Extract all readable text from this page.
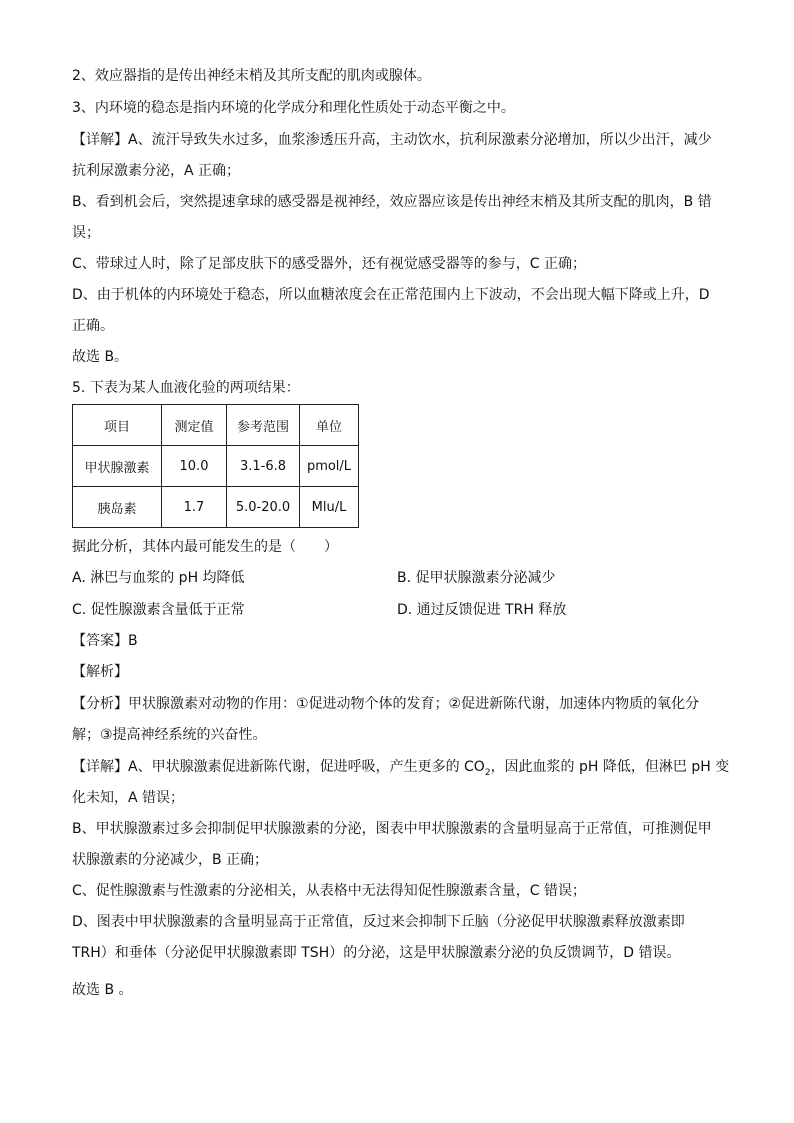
2、效应器指的是传出神经末梢及其所支配的肌肉或腺体。
3、内环境的稳态是指内环境的化学成分和理化性质处于动态平衡之中。
【详解】A、流汗导致失水过多，血浆渗透压升高，主动饮水，抗利尿激素分泌增加，所以少出汗，减少
抗利尿激素分泌，A 正确；
B、看到机会后，突然提速拿球的感受器是视神经，效应器应该是传出神经末梢及其所支配的肌肉，B 错
误；
C、带球过人时，除了足部皮肤下的感受器外，还有视觉感受器等的参与，C 正确；
D、由于机体的内环境处于稳态，所以血糖浓度会在正常范围内上下波动，不会出现大幅下降或上升，D
正确。
故选 B。
5. 下表为某人血液化验的两项结果：
项目	测定值	参考范围	单位
甲状腺激素	10.0	3.1-6.8	pmol/L
胰岛素	1.7	5.0-20.0	Mlu/L
据此分析，其体内最可能发生的是（　　）
A. 淋巴与血浆的 pH 均降低	B. 促甲状腺激素分泌减少
C. 促性腺激素含量低于正常	D. 通过反馈促进 TRH 释放
【答案】B
【解析】
【分析】甲状腺激素对动物的作用：①促进动物个体的发育；②促进新陈代谢，加速体内物质的氧化分
解；③提高神经系统的兴奋性。
【详解】A、甲状腺激素促进新陈代谢，促进呼吸，产生更多的 $CO_2$，因此血浆的 pH 降低，但淋巴 pH 变
化未知，A 错误；
B、甲状腺激素过多会抑制促甲状腺激素的分泌，图表中甲状腺激素的含量明显高于正常值，可推测促甲
状腺激素的分泌减少，B 正确；
C、促性腺激素与性激素的分泌相关，从表格中无法得知促性腺激素含量，C 错误；
D、图表中甲状腺激素的含量明显高于正常值，反过来会抑制下丘脑（分泌促甲状腺激素释放激素即
TRH）和垂体（分泌促甲状腺激素即 TSH）的分泌，这是甲状腺激素分泌的负反馈调节，D 错误。
故选 B 。
